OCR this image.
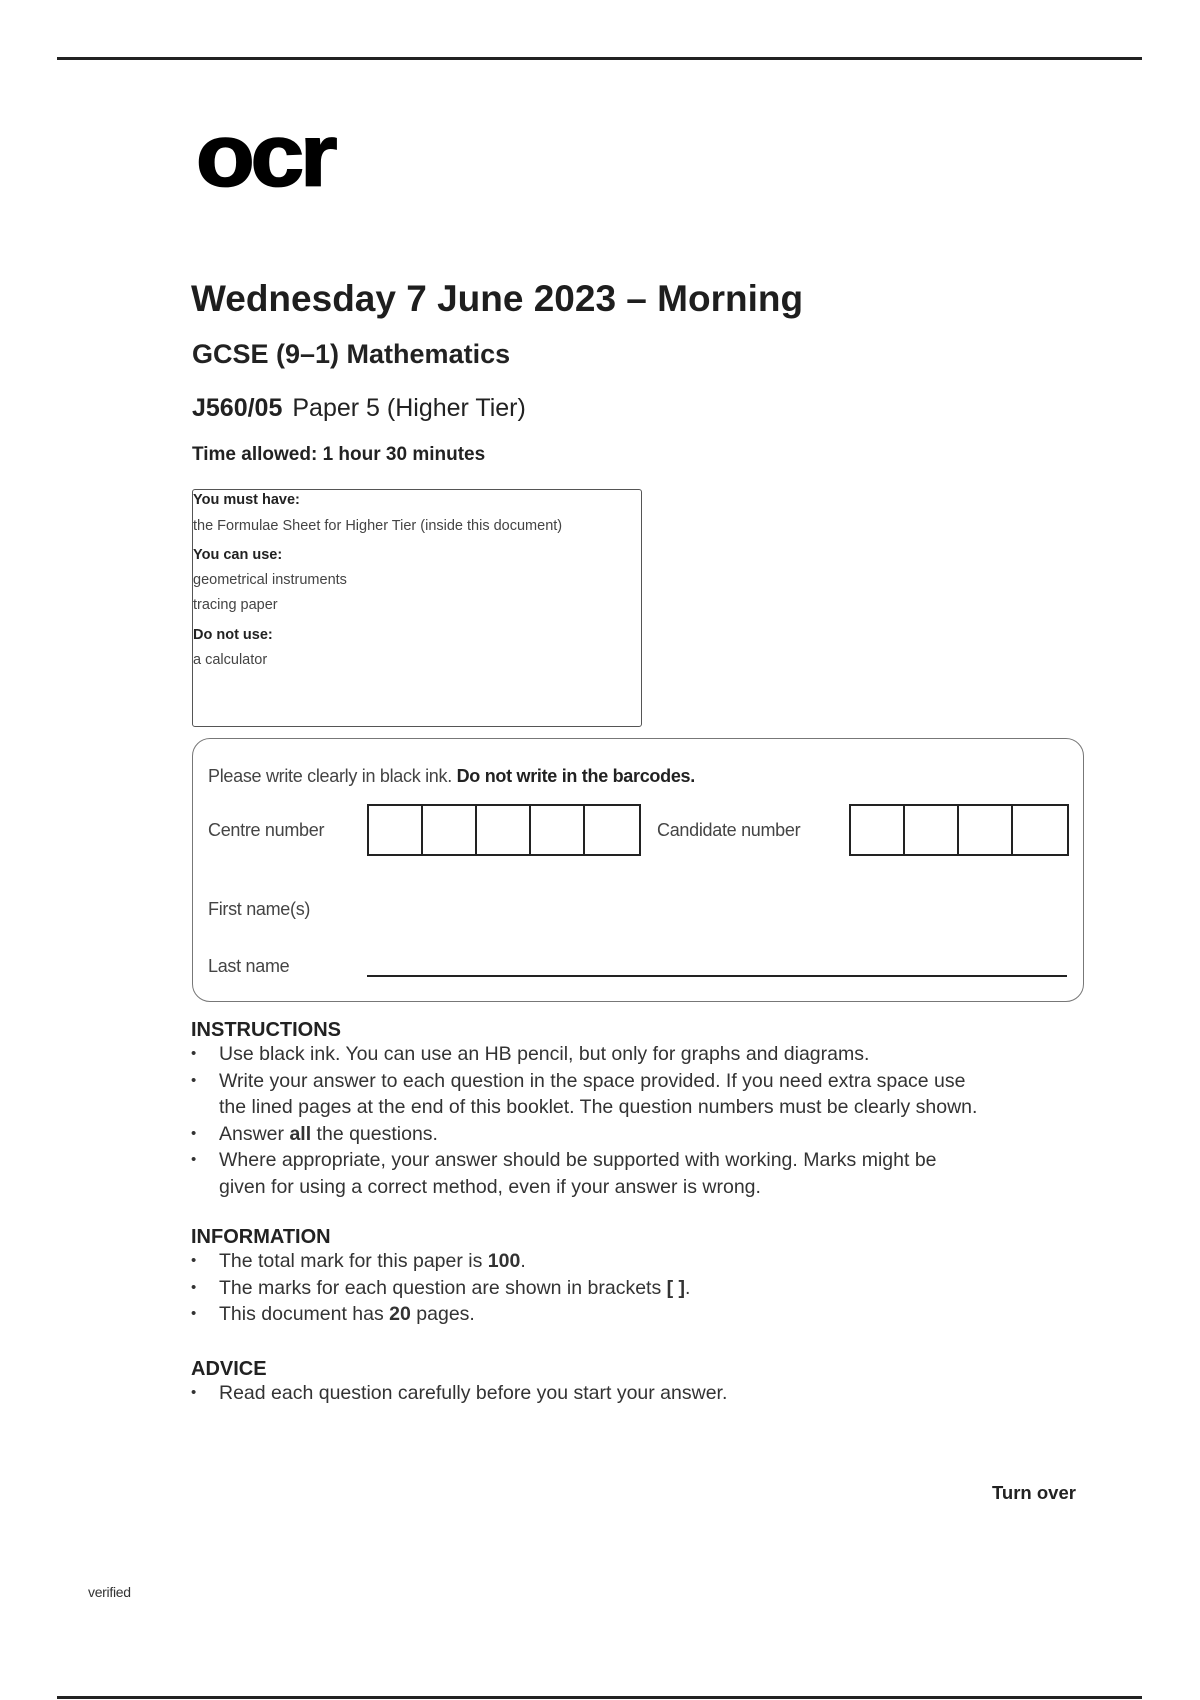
ocr
Wednesday 7 June 2023 – Morning
GCSE (9–1) Mathematics
J560/05 Paper 5 (Higher Tier)
Time allowed: 1 hour 30 minutes
You must have:
the Formulae Sheet for Higher Tier (inside this document)
You can use:
geometrical instruments
tracing paper
Do not use:
a calculator
Please write clearly in black ink. Do not write in the barcodes.
Centre number	Candidate number
First name(s)
Last name
INSTRUCTIONS
• Use black ink. You can use an HB pencil, but only for graphs and diagrams.
• Write your answer to each question in the space provided. If you need extra space use
the lined pages at the end of this booklet. The question numbers must be clearly shown.
• Answer all the questions.
• Where appropriate, your answer should be supported with working. Marks might be
given for using a correct method, even if your answer is wrong.
INFORMATION
• The total mark for this paper is 100.
• The marks for each question are shown in brackets [ ].
• This document has 20 pages.
ADVICE
• Read each question carefully before you start your answer.
Turn over
verified
